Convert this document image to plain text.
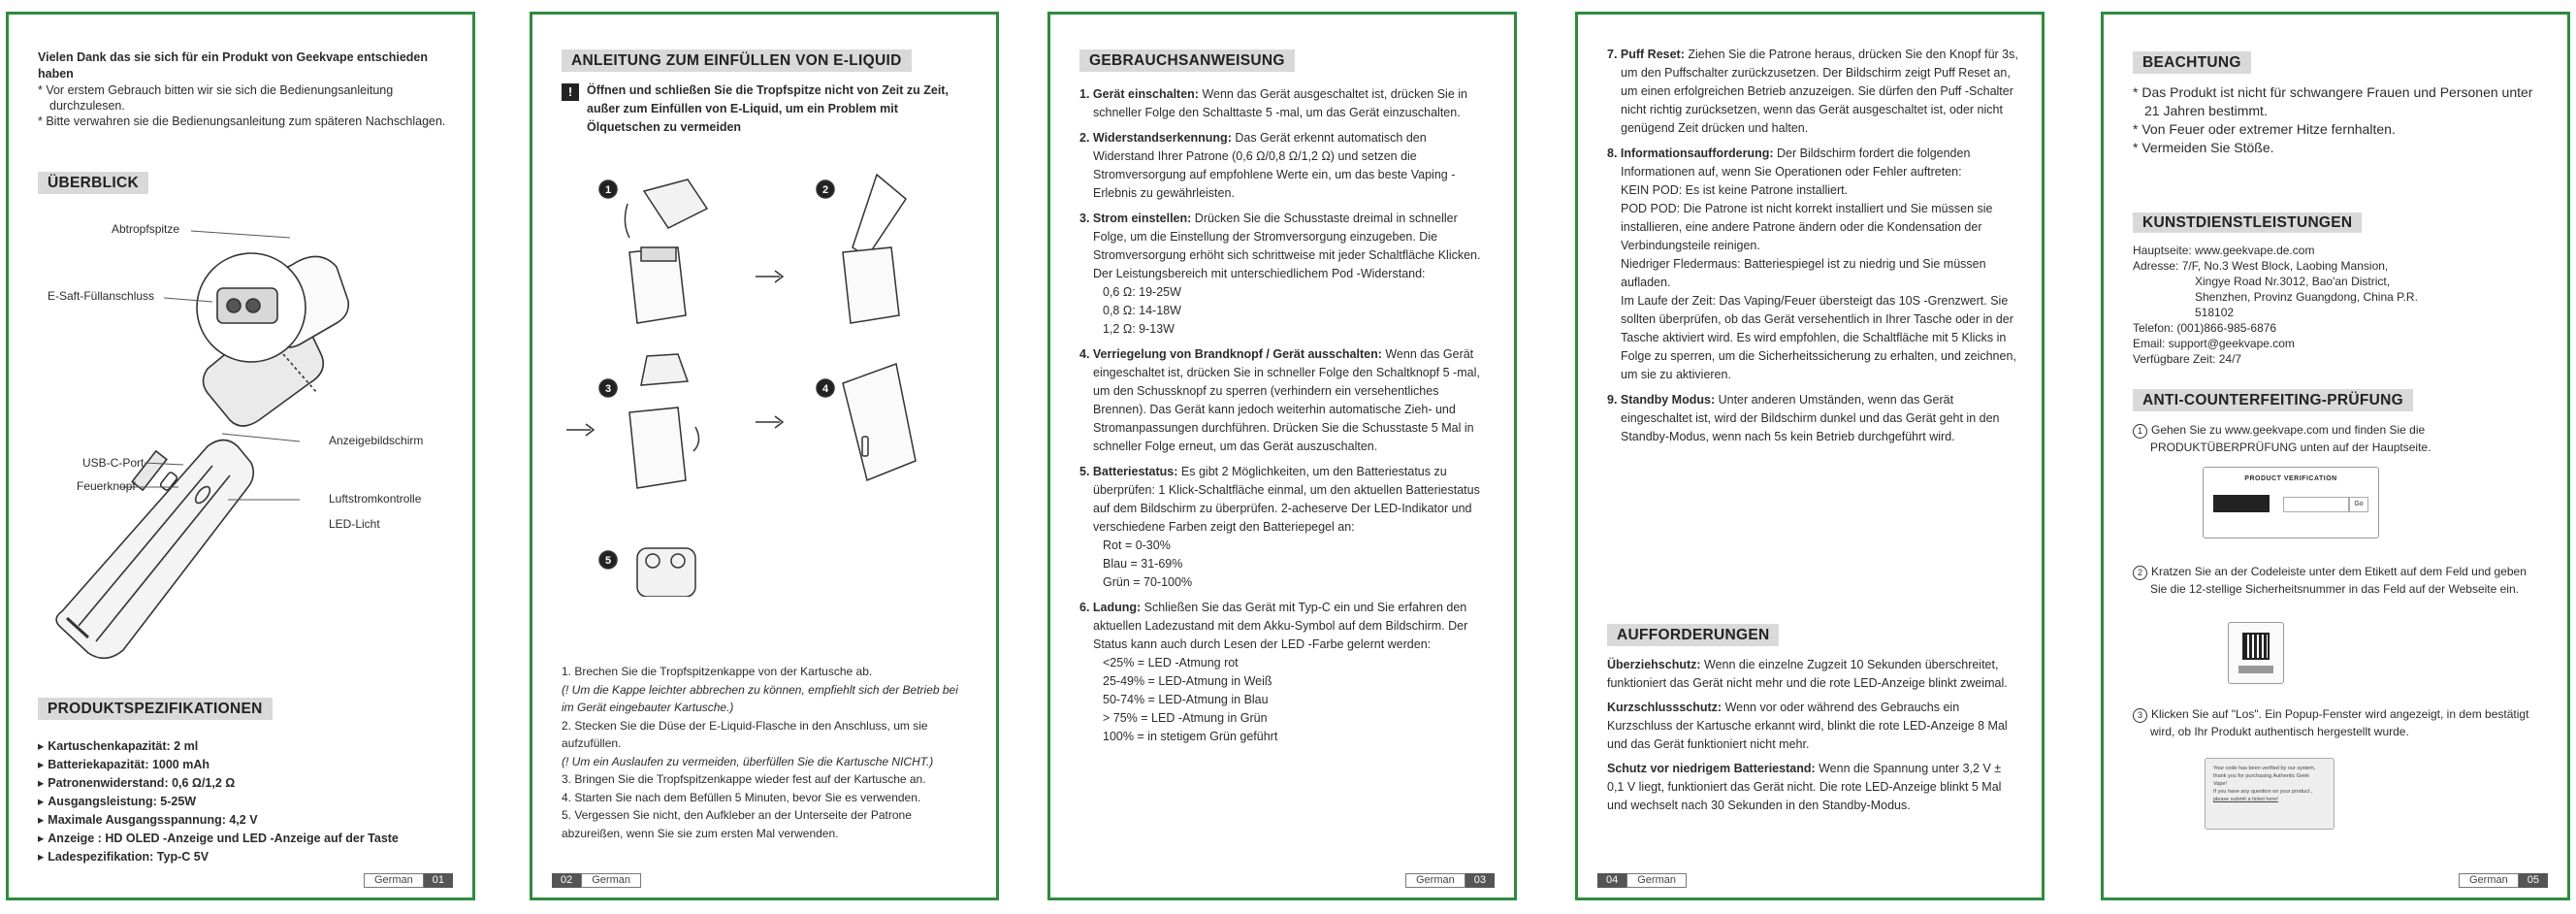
Vielen Dank das sie sich für ein Produkt von Geekvape entschieden haben

* Vor erstem Gebrauch bitten wir sie sich die Bedienungsanleitung durchzulesen.

* Bitte verwahren sie die Bedienungsanleitung zum späteren Nachschlagen.

ÜBERBLICK
Abtropfspitze
E-Saft-Füllanschluss
Anzeigebildschirm
USB-C-Port
Feuerknopf
Luftstromkontrolle
LED-Licht
PRODUKTSPEZIFIKATIONEN
▸ Kartuschenkapazität: 2 ml
▸ Batteriekapazität: 1000 mAh
▸ Patronenwiderstand: 0,6 Ω/1,2 Ω
▸ Ausgangsleistung: 5-25W
▸ Maximale Ausgangsspannung: 4,2 V
▸ Anzeige : HD OLED -Anzeige und LED -Anzeige auf der Taste
▸ Ladespezifikation: Typ-C 5V
German	01
ANLEITUNG ZUM EINFÜLLEN VON E-LIQUID
!	Öffnen und schließen Sie die Tropfspitze nicht von Zeit zu Zeit, außer zum Einfüllen von E-Liquid, um ein Problem mit Ölquetschen zu vermeiden
1	2
3	4
5

1. Brechen Sie die Tropfspitzenkappe von der Kartusche ab.

(! Um die Kappe leichter abbrechen zu können, empfiehlt sich der Betrieb bei im Gerät eingebauter Kartusche.)

2. Stecken Sie die Düse der E-Liquid-Flasche in den Anschluss, um sie aufzufüllen.

(! Um ein Auslaufen zu vermeiden, überfüllen Sie die Kartusche NICHT.)

3. Bringen Sie die Tropfspitzenkappe wieder fest auf der Kartusche an.

4. Starten Sie nach dem Befüllen 5 Minuten, bevor Sie es verwenden.

5. Vergessen Sie nicht, den Aufkleber an der Unterseite der Patrone abzureißen, wenn Sie sie zum ersten Mal verwenden.

02	German
GEBRAUCHSANWEISUNG
1. Gerät einschalten: Wenn das Gerät ausgeschaltet ist, drücken Sie in schneller Folge den Schalttaste 5 -mal, um das Gerät einzuschalten.
2. Widerstandserkennung: Das Gerät erkennt automatisch den Widerstand Ihrer Patrone (0,6 Ω/0,8 Ω/1,2 Ω) und setzen die Stromversorgung auf empfohlene Werte ein, um das beste Vaping -Erlebnis zu gewährleisten.
3. Strom einstellen: Drücken Sie die Schusstaste dreimal in schneller Folge, um die Einstellung der Stromversorgung einzugeben. Die Stromversorgung erhöht sich schrittweise mit jeder Schaltfläche Klicken. Der Leistungsbereich mit unterschiedlichem Pod -Widerstand:
0,6 Ω: 19-25W
0,8 Ω: 14-18W
1,2 Ω: 9-13W
4. Verriegelung von Brandknopf / Gerät ausschalten: Wenn das Gerät eingeschaltet ist, drücken Sie in schneller Folge den Schaltknopf 5 -mal, um den Schussknopf zu sperren (verhindern ein versehentliches Brennen). Das Gerät kann jedoch weiterhin automatische Zieh- und Stromanpassungen durchführen. Drücken Sie die Schusstaste 5 Mal in schneller Folge erneut, um das Gerät auszuschalten.
5. Batteriestatus: Es gibt 2 Möglichkeiten, um den Batteriestatus zu überprüfen: 1 Klick-Schaltfläche einmal, um den aktuellen Batteriestatus auf dem Bildschirm zu überprüfen. 2-acheserve Der LED-Indikator und verschiedene Farben zeigt den Batteriepegel an:
Rot = 0-30%
Blau = 31-69%
Grün = 70-100%
6. Ladung: Schließen Sie das Gerät mit Typ-C ein und Sie erfahren den aktuellen Ladezustand mit dem Akku-Symbol auf dem Bildschirm. Der Status kann auch durch Lesen der LED -Farbe gelernt werden:
<25% = LED -Atmung rot
25-49% = LED-Atmung in Weiß
50-74% = LED-Atmung in Blau
> 75% = LED -Atmung in Grün
100% = in stetigem Grün geführt
German	03
7. Puff Reset: Ziehen Sie die Patrone heraus, drücken Sie den Knopf für 3s, um den Puffschalter zurückzusetzen. Der Bildschirm zeigt Puff Reset an, um einen erfolgreichen Betrieb anzuzeigen. Sie dürfen den Puff -Schalter nicht richtig zurücksetzen, wenn das Gerät ausgeschaltet ist, oder nicht genügend Zeit drücken und halten.
8. Informationsaufforderung: Der Bildschirm fordert die folgenden Informationen auf, wenn Sie Operationen oder Fehler auftreten:
KEIN POD: Es ist keine Patrone installiert.
POD POD: Die Patrone ist nicht korrekt installiert und Sie müssen sie installieren, eine andere Patrone ändern oder die Kondensation der Verbindungsteile reinigen.
Niedriger Fledermaus: Batteriespiegel ist zu niedrig und Sie müssen aufladen.
Im Laufe der Zeit: Das Vaping/Feuer übersteigt das 10S -Grenzwert. Sie sollten überprüfen, ob das Gerät versehentlich in Ihrer Tasche oder in der Tasche aktiviert wird. Es wird empfohlen, die Schaltfläche mit 5 Klicks in Folge zu sperren, um die Sicherheitssicherung zu erhalten, und zeichnen, um sie zu aktivieren.
9. Standby Modus: Unter anderen Umständen, wenn das Gerät eingeschaltet ist, wird der Bildschirm dunkel und das Gerät geht in den Standby-Modus, wenn nach 5s kein Betrieb durchgeführt wird.
AUFFORDERUNGEN

Überziehschutz: Wenn die einzelne Zugzeit 10 Sekunden überschreitet, funktioniert das Gerät nicht mehr und die rote LED-Anzeige blinkt zweimal.

Kurzschlussschutz: Wenn vor oder während des Gebrauchs ein Kurzschluss der Kartusche erkannt wird, blinkt die rote LED-Anzeige 8 Mal und das Gerät funktioniert nicht mehr.

Schutz vor niedrigem Batteriestand: Wenn die Spannung unter 3,2 V ± 0,1 V liegt, funktioniert das Gerät nicht. Die rote LED-Anzeige blinkt 5 Mal und wechselt nach 30 Sekunden in den Standby-Modus.

04	German
BEACHTUNG

* Das Produkt ist nicht für schwangere Frauen und Personen unter 21 Jahren bestimmt.

* Von Feuer oder extremer Hitze fernhalten.

* Vermeiden Sie Stöße.

KUNSTDIENSTLEISTUNGEN

Hauptseite: www.geekvape.de.com

Adresse: 7/F, No.3 West Block, Laobing Mansion,

Xingye Road Nr.3012, Bao'an District,

Shenzhen, Provinz Guangdong, China P.R.

518102

Telefon: (001)866-985-6876

Email: support@geekvape.com

Verfügbare Zeit: 24/7

ANTI-COUNTERFEITING-PRÜFUNG

1 Gehen Sie zu www.geekvape.com und finden Sie die PRODUKTÜBERPRÜFUNG unten auf der Hauptseite.

PRODUCT VERIFICATION
Go

2 Kratzen Sie an der Codeleiste unter dem Etikett auf dem Feld und geben Sie die 12-stellige Sicherheitsnummer in das Feld auf der Webseite ein.

3 Klicken Sie auf "Los". Ein Popup-Fenster wird angezeigt, in dem bestätigt wird, ob Ihr Produkt authentisch hergestellt wurde.

Your code has been verified by our system,
thank you for purchasing Authentic Geek
Vape!
If you have any question on your product ,
please submit a ticket here!
German	05
